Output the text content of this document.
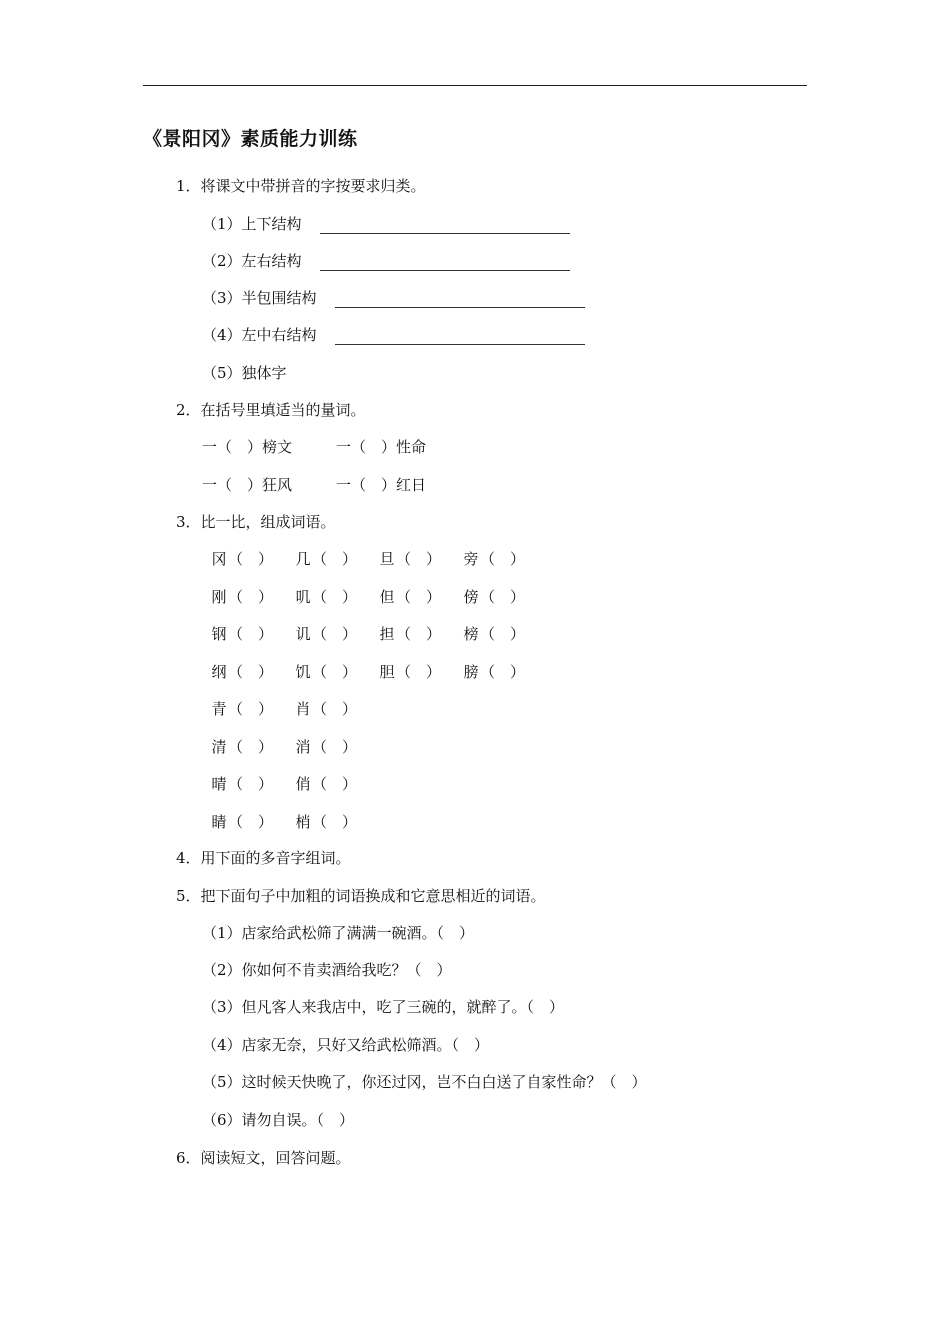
《景阳冈》素质能力训练
1．将课文中带拼音的字按要求归类。
（1）上下结构
（2）左右结构
（3）半包围结构
（4）左中右结构
（5）独体字
2．在括号里填适当的量词。
一（　）榜文	一（　）性命
一（　）狂风	一（　）红日
3．比一比，组成词语。
冈 （　） 几 （　） 旦 （　） 旁 （　）
刚 （　） 叽 （　） 但 （　） 傍 （　）
钢 （　） 讥 （　） 担 （　） 榜 （　）
纲 （　） 饥 （　） 胆 （　） 膀 （　）
青 （　） 肖 （　）
清 （　） 消 （　）
晴 （　） 俏 （　）
睛 （　） 梢 （　）
4．用下面的多音字组词。
5．把下面句子中加粗的词语换成和它意思相近的词语。
（1）店家给武松筛了满满一碗酒。（　）
（2）你如何不肯卖酒给我吃？（　）
（3）但凡客人来我店中，吃了三碗的，就醉了。（　）
（4）店家无奈，只好又给武松筛酒。（　）
（5）这时候天快晚了，你还过冈，岂不白白送了自家性命？（　）
（6）请勿自误。（　）
6．阅读短文，回答问题。
